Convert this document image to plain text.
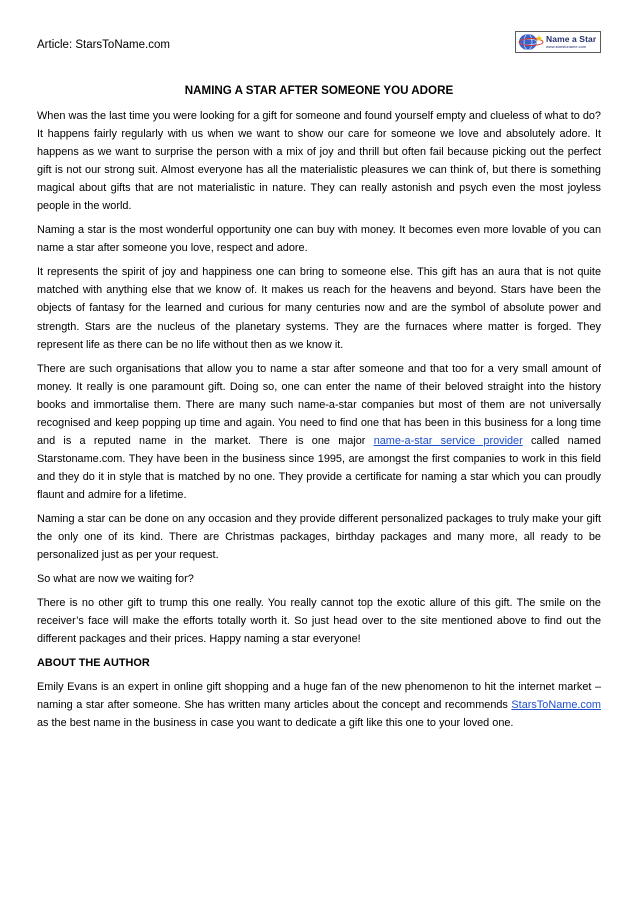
Article: StarsToName.com	Name a Star
www.starstoname.com
NAMING A STAR AFTER SOMEONE YOU ADORE

When was the last time you were looking for a gift for someone and found yourself empty and clueless of what to do? It happens fairly regularly with us when we want to show our care for someone we love and absolutely adore. It happens as we want to surprise the person with a mix of joy and thrill but often fail because picking out the perfect gift is not our strong suit. Almost everyone has all the materialistic pleasures we can think of, but there is something magical about gifts that are not materialistic in nature. They can really astonish and psych even the most joyless people in the world.

Naming a star is the most wonderful opportunity one can buy with money. It becomes even more lovable of you can name a star after someone you love, respect and adore.

It represents the spirit of joy and happiness one can bring to someone else. This gift has an aura that is not quite matched with anything else that we know of. It makes us reach for the heavens and beyond. Stars have been the objects of fantasy for the learned and curious for many centuries now and are the symbol of absolute power and strength. Stars are the nucleus of the planetary systems. They are the furnaces where matter is forged. They represent life as there can be no life without then as we know it.

There are such organisations that allow you to name a star after someone and that too for a very small amount of money. It really is one paramount gift. Doing so, one can enter the name of their beloved straight into the history books and immortalise them. There are many such name-a-star companies but most of them are not universally recognised and keep popping up time and again. You need to find one that has been in this business for a long time and is a reputed name in the market. There is one major name-a-star service provider called named Starstoname.com. They have been in the business since 1995, are amongst the first companies to work in this field and they do it in style that is matched by no one. They provide a certificate for naming a star which you can proudly flaunt and admire for a lifetime.

Naming a star can be done on any occasion and they provide different personalized packages to truly make your gift the only one of its kind. There are Christmas packages, birthday packages and many more, all ready to be personalized just as per your request.

So what are now we waiting for?

There is no other gift to trump this one really. You really cannot top the exotic allure of this gift. The smile on the receiver’s face will make the efforts totally worth it. So just head over to the site mentioned above to find out the different packages and their prices. Happy naming a star everyone!

ABOUT THE AUTHOR

Emily Evans is an expert in online gift shopping and a huge fan of the new phenomenon to hit the internet market – naming a star after someone. She has written many articles about the concept and recommends StarsToName.com as the best name in the business in case you want to dedicate a gift like this one to your loved one.
